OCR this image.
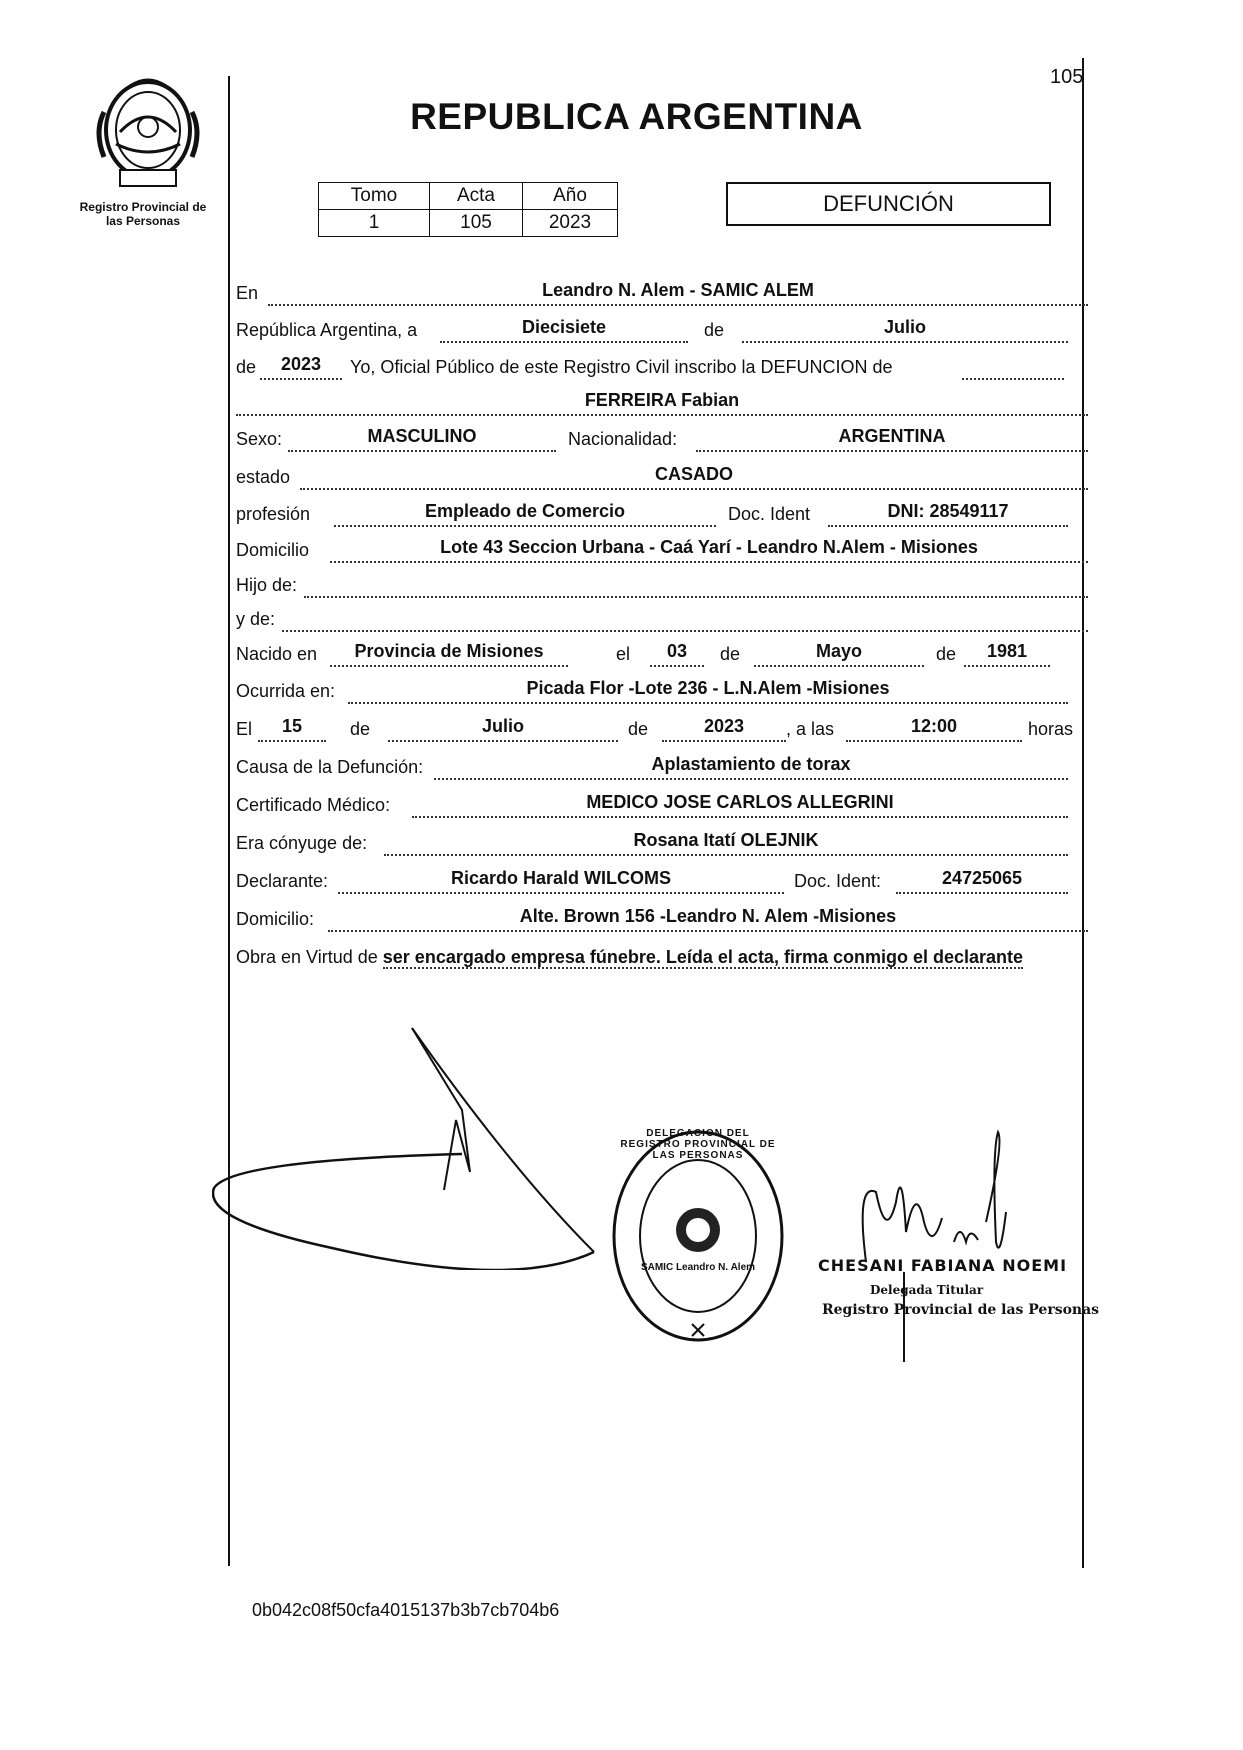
105
Registro Provincial de
las Personas
REPUBLICA ARGENTINA
Tomo	Acta	Año
1	105	2023
DEFUNCIÓN
En	Leandro N. Alem - SAMIC ALEM
República Argentina, a	Diecisiete	de	Julio
de	2023	Yo, Oficial Público de este Registro Civil inscribo la DEFUNCION de
FERREIRA Fabian
Sexo:	MASCULINO	Nacionalidad:	ARGENTINA
estado	CASADO
profesión	Empleado de Comercio	Doc. Ident	DNI: 28549117
Domicilio	Lote 43 Seccion Urbana - Caá Yarí - Leandro N.Alem - Misiones
Hijo de:
y de:
Nacido en	Provincia de Misiones	el	03	de	Mayo	de	1981
Ocurrida en:	Picada Flor -Lote 236 - L.N.Alem -Misiones
El	15	de	Julio	de	2023	, a las	12:00	horas
Causa de la Defunción:	Aplastamiento de torax
Certificado Médico:	MEDICO JOSE CARLOS ALLEGRINI
Era cónyuge de:	Rosana Itatí OLEJNIK
Declarante:	Ricardo Harald WILCOMS	Doc. Ident:	24725065
Domicilio:	Alte. Brown 156 -Leandro N. Alem -Misiones
Obra en Virtud de ser encargado empresa fúnebre. Leída el acta, firma conmigo el declarante
DELEGACION DEL REGISTRO PROVINCIAL DE LAS PERSONAS
SAMIC Leandro N. Alem	CHESANI FABIANA NOEMI
Delegada Titular
Registro Provincial de las Personas
0b042c08f50cfa4015137b3b7cb704b6
